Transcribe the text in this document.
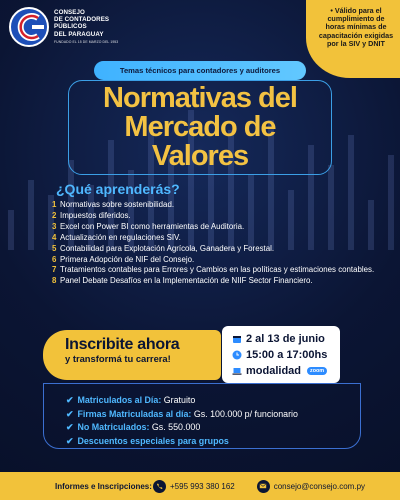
CONSEJO
DE CONTADORES
PÚBLICOS
DEL PARAGUAY
FUNDADO EL 15 DE MARZO DEL 1953
• Válido para el cumplimiento de horas mínimas de capacitación exigidas por la SIV y DNIT
Temas técnicos para contadores y auditores
Normativas del
Mercado de
Valores
¿Qué aprenderás?
1 Normativas sobre sostenibilidad.
2 Impuestos diferidos.
3 Excel con Power BI como herramientas de Auditoria.
4 Actualización en regulaciones SIV.
5 Contabilidad para Explotación Agrícola, Ganadera y Forestal.
6 Primera Adopción de NIF del Consejo.
7 Tratamientos contables para Errores y Cambios en las políticas y estimaciones contables.
8 Panel Debate Desafíos en la Implementación de NIIF Sector Financiero.
Inscribite ahora
y transformá tu carrera!
2 al 13 de junio
15:00 a 17:00hs
modalidad	zoom
✔ Matriculados al Día: Gratuito
✔ Firmas Matriculadas al día: Gs. 100.000 p/ funcionario
✔ No Matriculados: Gs. 550.000
✔ Descuentos especiales para grupos
Informes e Inscripciones: +595 993 380 162	consejo@consejo.com.py
